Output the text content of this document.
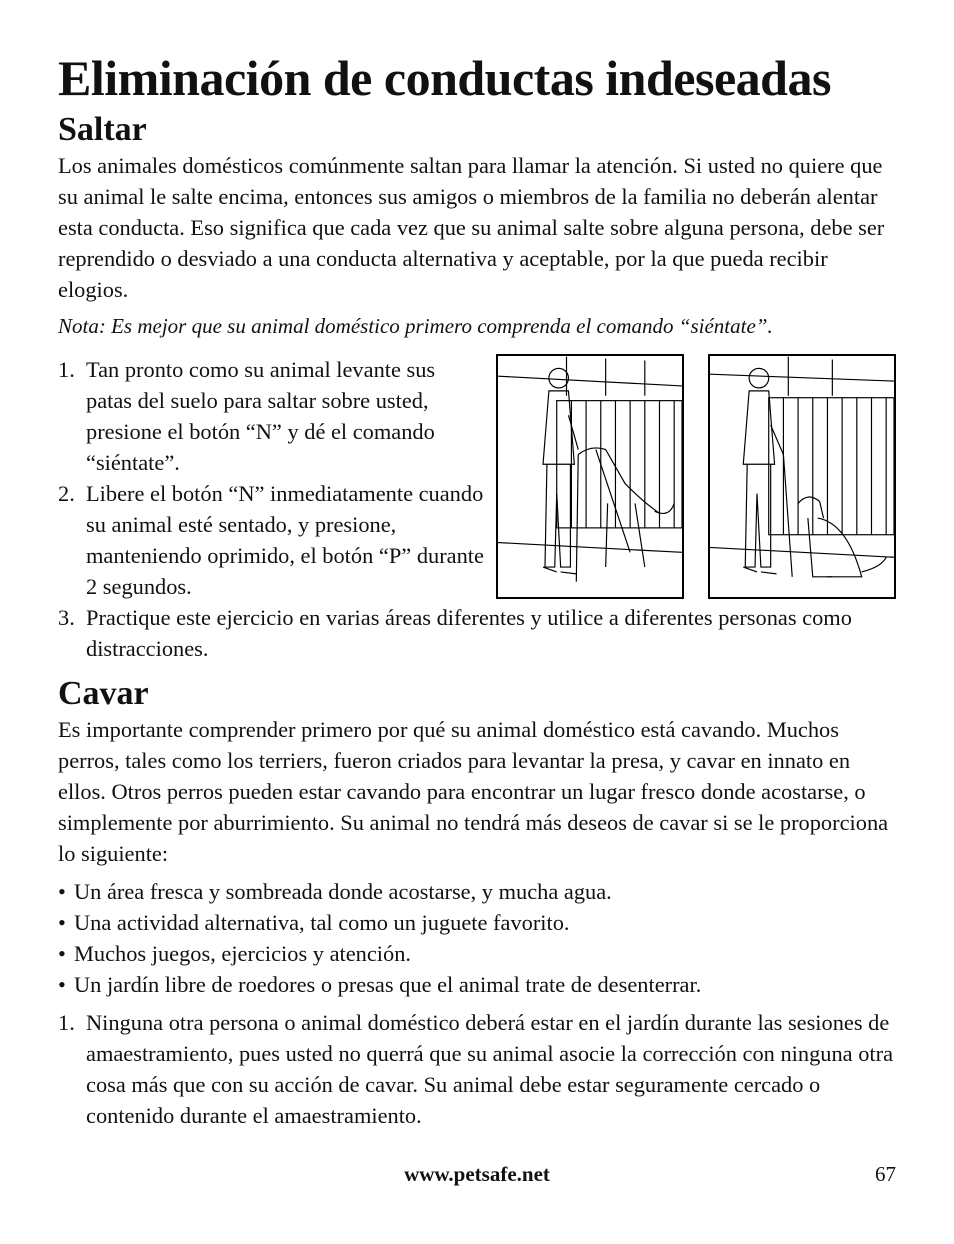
Eliminación de conductas indeseadas
Saltar

Los animales domésticos comúnmente saltan para llamar la atención. Si usted no quiere que su animal le salte encima, entonces sus amigos o miembros de la familia no deberán alentar esta conducta. Eso significa que cada vez que su animal salte sobre alguna persona, debe ser reprendido o desviado a una conducta alternativa y aceptable, por la que pueda recibir elogios.

Nota: Es mejor que su animal doméstico primero comprenda el comando “siéntate”.

1. Tan pronto como su animal levante sus patas del suelo para saltar sobre usted, presione el botón “N” y dé el comando “siéntate”.
2. Libere el botón “N” inmediatamente cuando su animal esté sentado, y presione, manteniendo oprimido, el botón “P” durante 2 segundos.
3. Practique este ejercicio en varias áreas diferentes y utilice a diferentes personas como distracciones.
Cavar

Es importante comprender primero por qué su animal doméstico está cavando. Muchos perros, tales como los terriers, fueron criados para levantar la presa, y cavar en innato en ellos. Otros perros pueden estar cavando para encontrar un lugar fresco donde acostarse, o simplemente por aburrimiento. Su animal no tendrá más deseos de cavar si se le proporciona lo siguiente:

• Un área fresca y sombreada donde acostarse, y mucha agua.
• Una actividad alternativa, tal como un juguete favorito.
• Muchos juegos, ejercicios y atención.
• Un jardín libre de roedores o presas que el animal trate de desenterrar.
1. Ninguna otra persona o animal doméstico deberá estar en el jardín durante las sesiones de amaestramiento, pues usted no querrá que su animal asocie la corrección con ninguna otra cosa más que con su acción de cavar. Su animal debe estar seguramente cercado o contenido durante el amaestramiento.
www.petsafe.net	67
